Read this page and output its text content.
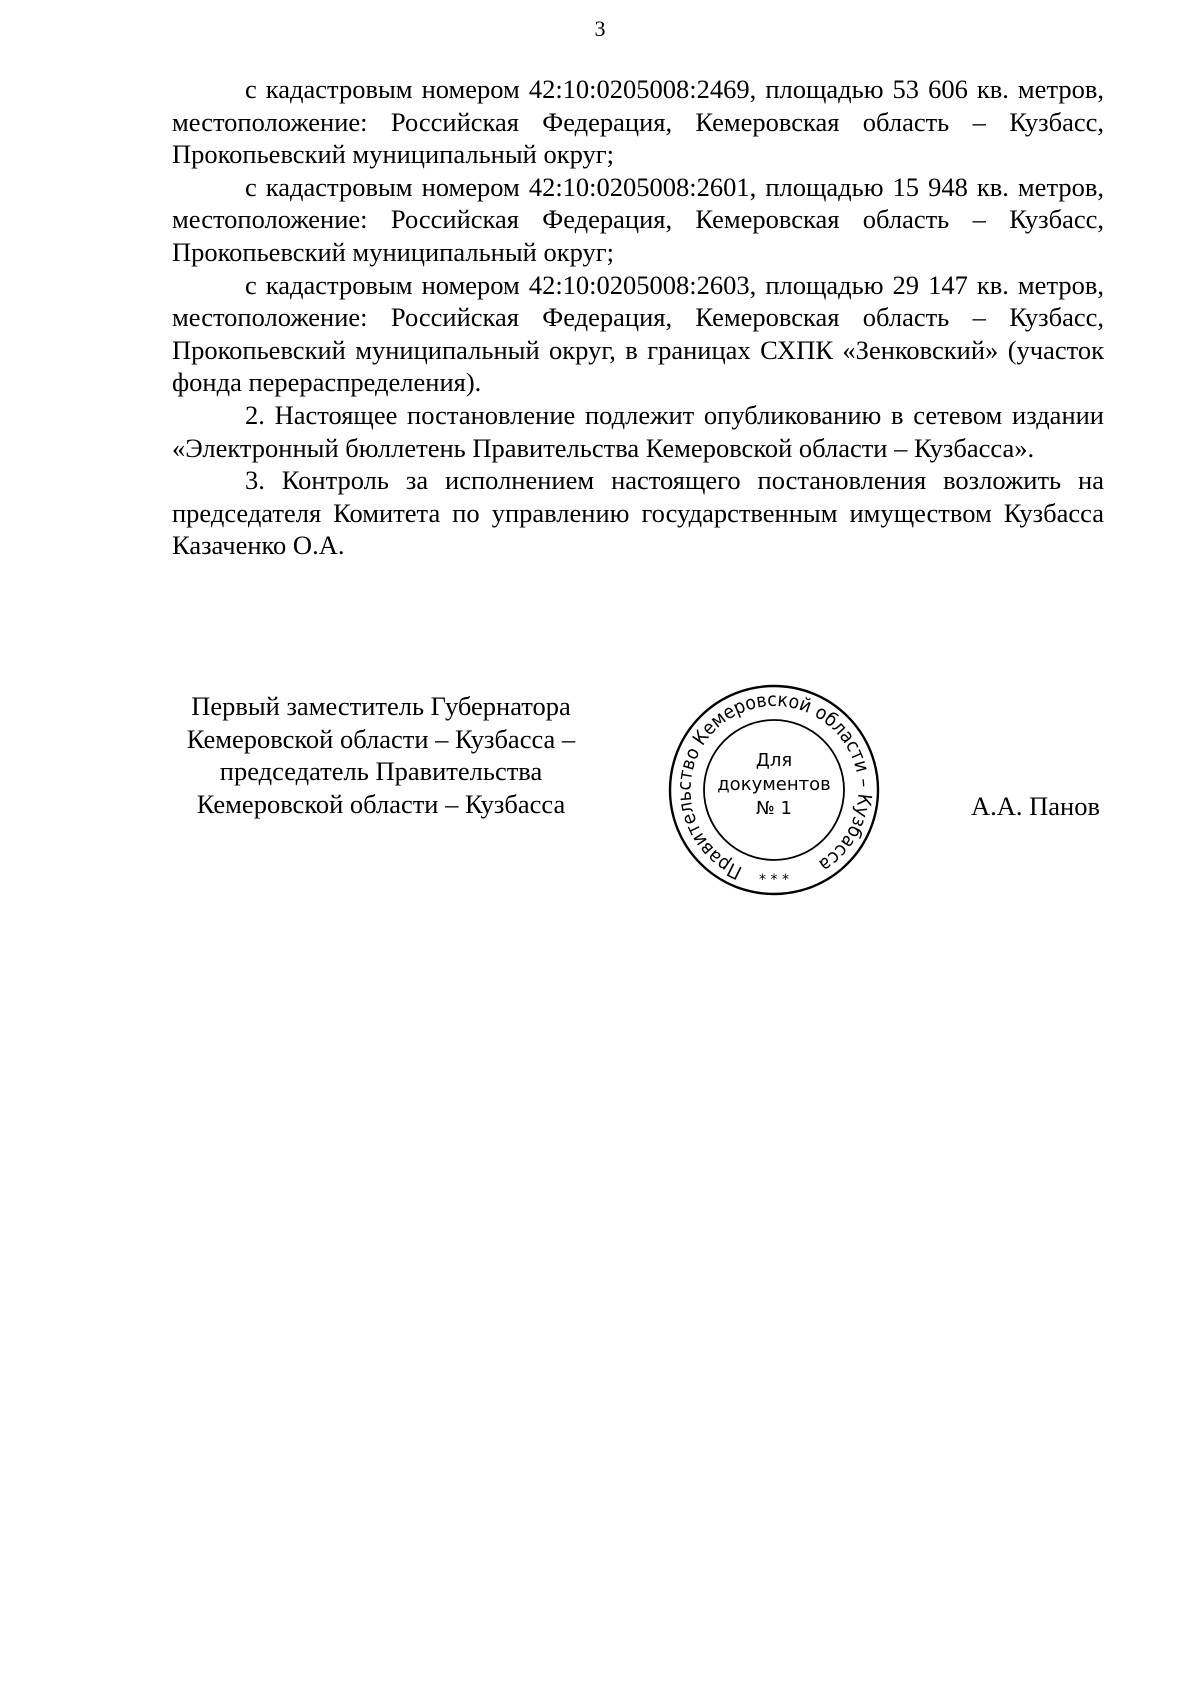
3

с кадастровым номером 42:10:0205008:2469, площадью 53 606 кв. метров, местоположение: Российская Федерация, Кемеровская область – Кузбасс, Прокопьевский муниципальный округ;

с кадастровым номером 42:10:0205008:2601, площадью 15 948 кв. метров, местоположение: Российская Федерация, Кемеровская область – Кузбасс, Прокопьевский муниципальный округ;

с кадастровым номером 42:10:0205008:2603, площадью 29 147 кв. метров, местоположение: Российская Федерация, Кемеровская область – Кузбасс, Прокопьевский муниципальный округ, в границах СХПК «Зенковский» (участок фонда перераспределения).

2. Настоящее постановление подлежит опубликованию в сетевом издании «Электронный бюллетень Правительства Кемеровской области – Кузбасса».

3. Контроль за исполнением настоящего постановления возложить на председателя Комитета по управлению государственным имуществом Кузбасса Казаченко О.А.

Первый заместитель Губернатора
Кемеровской области – Кузбасса –
председатель Правительства
Кемеровской области – Кузбасса
Правительство Кемеровской области – Кузбасса
Для
документов
№ 1
* * *
А.А. Панов
